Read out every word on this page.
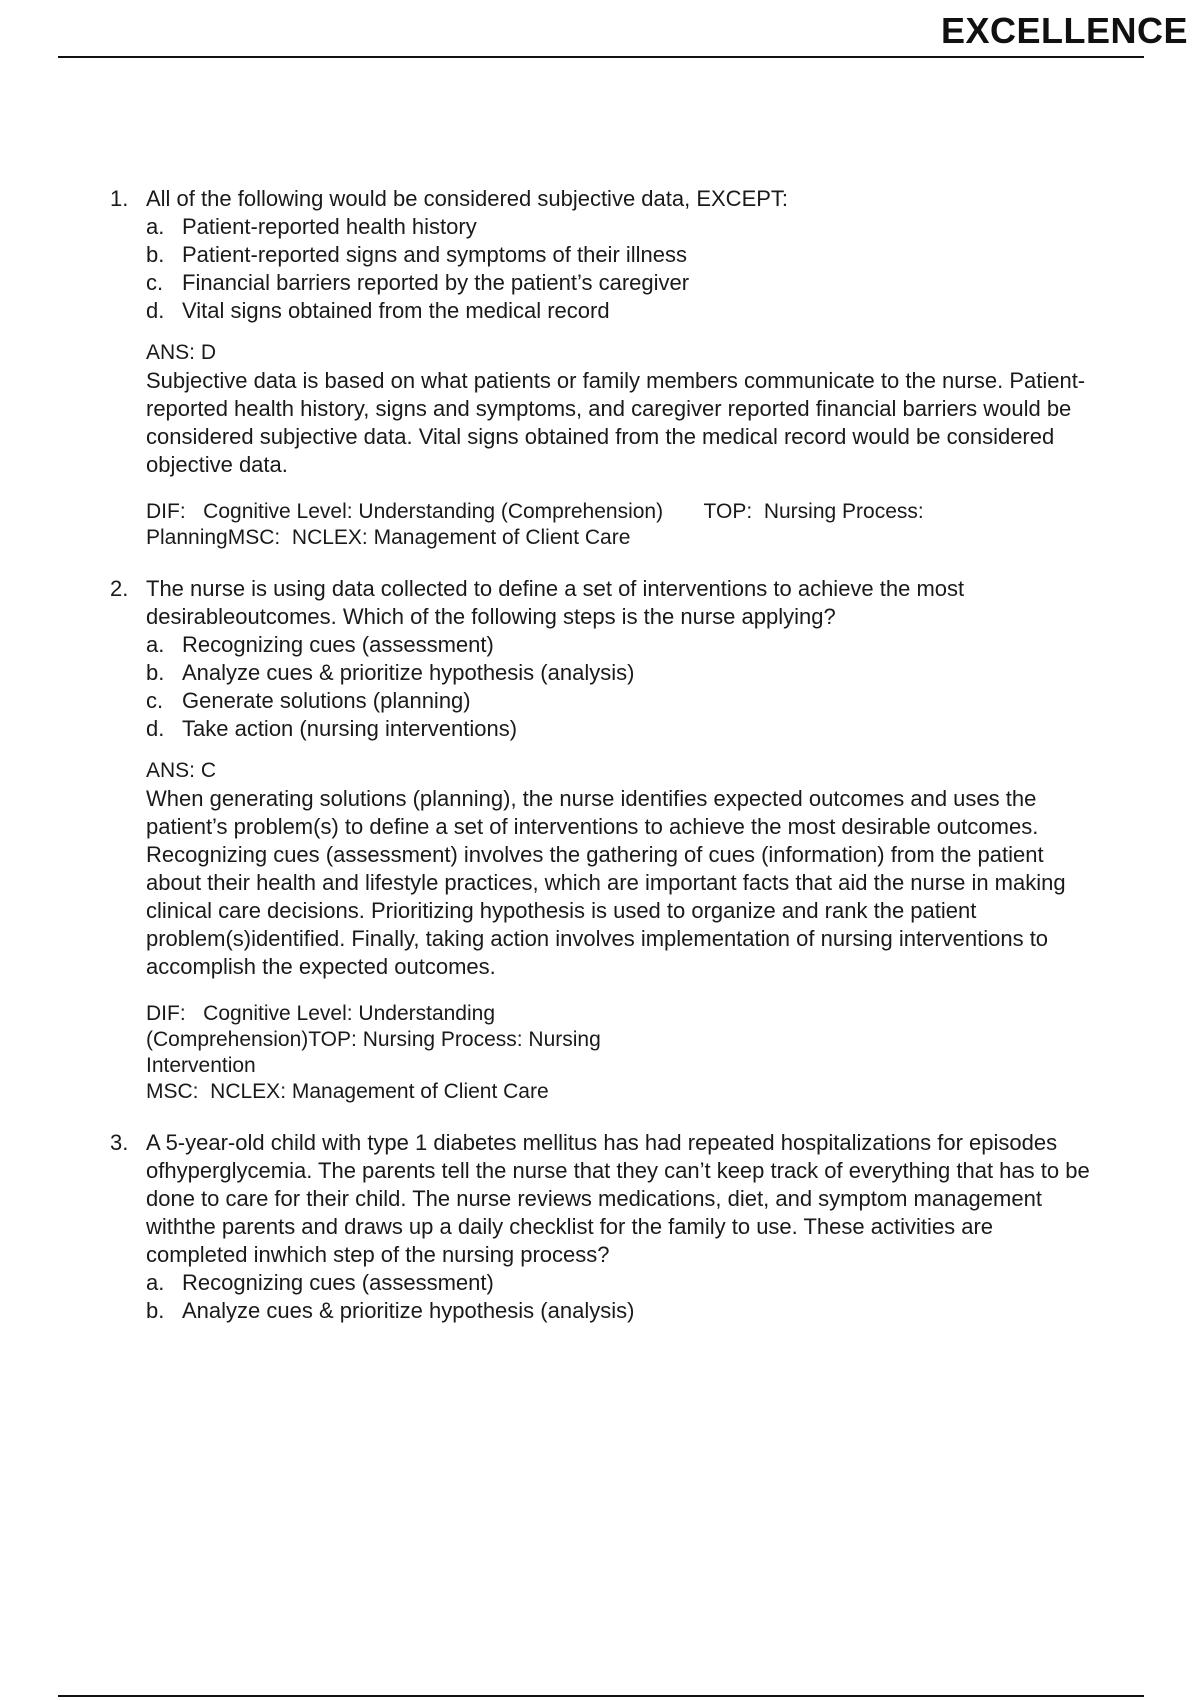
EXCELLENCE
1. All of the following would be considered subjective data, EXCEPT:

a. Patient-reported health history
b. Patient-reported signs and symptoms of their illness
c. Financial barriers reported by the patient’s caregiver
d. Vital signs obtained from the medical record

ANS: D

Subjective data is based on what patients or family members communicate to the nurse. Patient-reported health history, signs and symptoms, and caregiver reported financial barriers would be considered subjective data. Vital signs obtained from the medical record would be considered objective data.

DIF:   Cognitive Level: Understanding (Comprehension)       TOP:  Nursing Process:

PlanningMSC:  NCLEX: Management of Client Care

2. The nurse is using data collected to define a set of interventions to achieve the most desirableoutcomes. Which of the following steps is the nurse applying?

a. Recognizing cues (assessment)
b. Analyze cues & prioritize hypothesis (analysis)
c. Generate solutions (planning)
d. Take action (nursing interventions)

ANS: C

When generating solutions (planning), the nurse identifies expected outcomes and uses the patient’s problem(s) to define a set of interventions to achieve the most desirable outcomes. Recognizing cues (assessment) involves the gathering of cues (information) from the patient about their health and lifestyle practices, which are important facts that aid the nurse in making clinical care decisions. Prioritizing hypothesis is used to organize and rank the patient problem(s)identified. Finally, taking action involves implementation of nursing interventions to accomplish the expected outcomes.

DIF:   Cognitive Level: Understanding

(Comprehension)TOP: Nursing Process: Nursing

Intervention

MSC:  NCLEX: Management of Client Care

3. A 5-year-old child with type 1 diabetes mellitus has had repeated hospitalizations for episodes ofhyperglycemia. The parents tell the nurse that they can’t keep track of everything that has to be done to care for their child. The nurse reviews medications, diet, and symptom management withthe parents and draws up a daily checklist for the family to use. These activities are completed inwhich step of the nursing process?

a. Recognizing cues (assessment)
b. Analyze cues & prioritize hypothesis (analysis)
